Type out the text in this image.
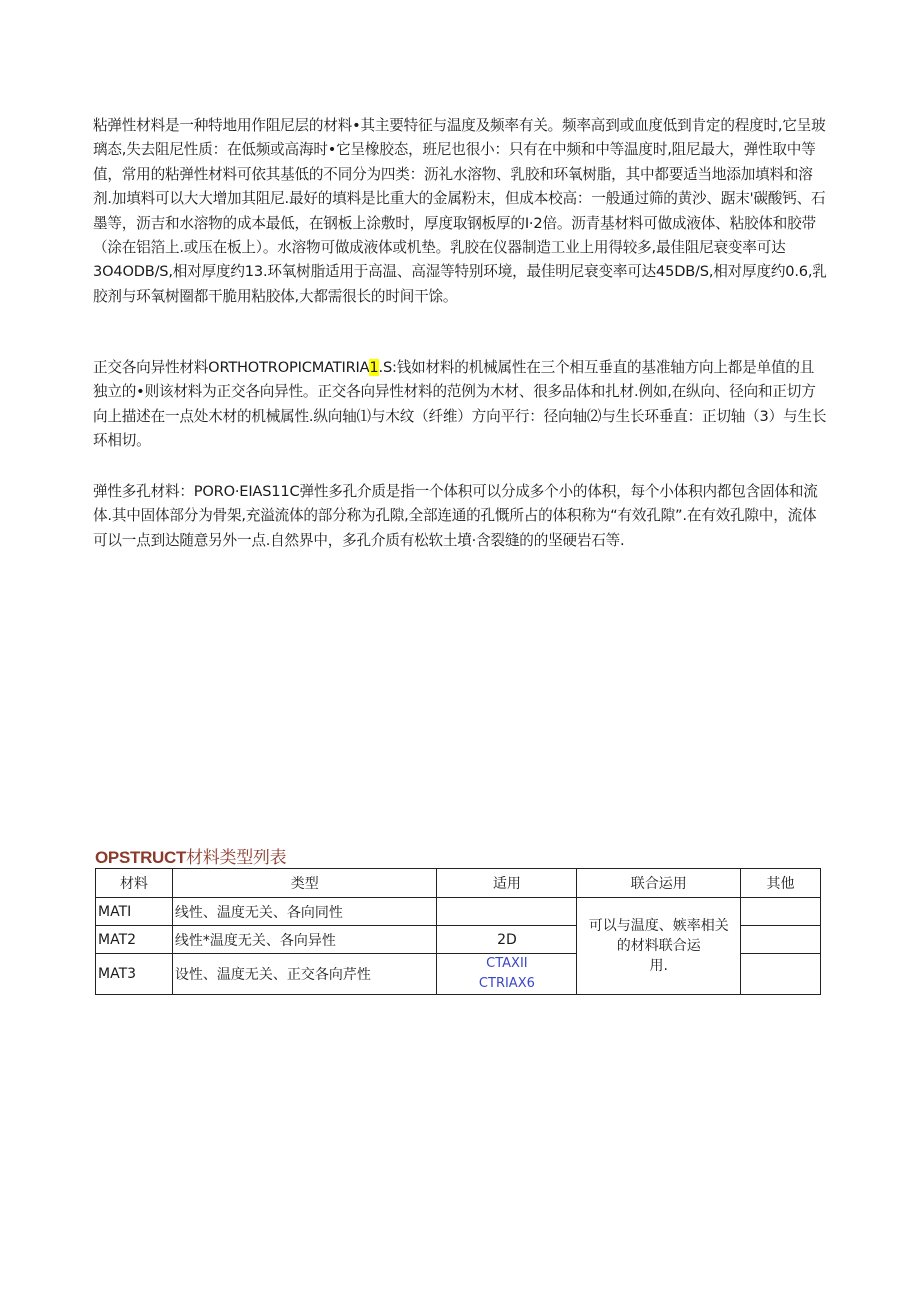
粘弹性材料是一种特地用作阻尼层的材料•其主要特征与温度及频率有关。频率高到或血度低到肯定的程度时,它呈玻璃态,失去阻尼性质：在低频或高海时•它呈橡胶态，班尼也很小：只有在中频和中等温度时,阻尼最大，弹性取中等值，常用的粘弹性材料可依其基低的不同分为四类：沥礼水溶物、乳胶和环氧树脂，其中都要适当地添加填料和溶剂.加填料可以大大增加其阻尼.最好的填料是比重大的金属粉末，但成本校高：一般通过筛的黄沙、踞末'碳酸钙、石墨等，沥吉和水溶物的成本最低，在钢板上涂敷时，厚度取钢板厚的I·2倍。沥青基材料可做成液体、粘胶体和胶带（涂在铝箔上.或压在板上）。水溶物可做成液体或机垫。乳胶在仪器制造工业上用得较多,最佳阻尼衰变率可达3O4ODB/S,相对厚度约13.环氧树脂适用于高温、高湿等特别环境，最佳明尼衰变率可达45DB/S,相对厚度约0.6,乳胶剂与环氧树圈都干脆用粘胶体,大都需很长的时间干馀。

正交各向异性材料ORTHOTROPICMATIRIA1.S:钱如材料的机械属性在三个相互垂直的基准轴方向上都是单值的且独立的•则该材料为正交各向异性。正交各向异性材料的范例为木材、很多品体和扎材.例如,在纵向、径向和正切方向上描述在一点处木材的机械属性.纵向轴⑴与木纹（纤维）方向平行：径向轴⑵与生长环垂直：正切轴（3）与生长环相切。

弹性多孔材料：PORO·EIAS11C弹性多孔介质是指一个体积可以分成多个小的体积，每个小体积内都包含固体和流体.其中固体部分为骨架,充溢流体的部分称为孔隙,全部连通的孔慨所占的体积称为“有效孔隙”.在有效孔隙中，流体可以一点到达随意另外一点.自然界中，多孔介质有松软土墳·含裂缝的的坚硬岩石等.

OPSTRUCT材料类型列表
材料	类型	适用	联合运用	其他
MATI	线性、温度无关、各向同性		可以与温度、嫉率相关
的材料联合运
用.	
MAT2	线性*温度无关、各向异性	2D		
MAT3	设性、温度无关、正交各向芹性	CTAXII
CTRIAX6		
